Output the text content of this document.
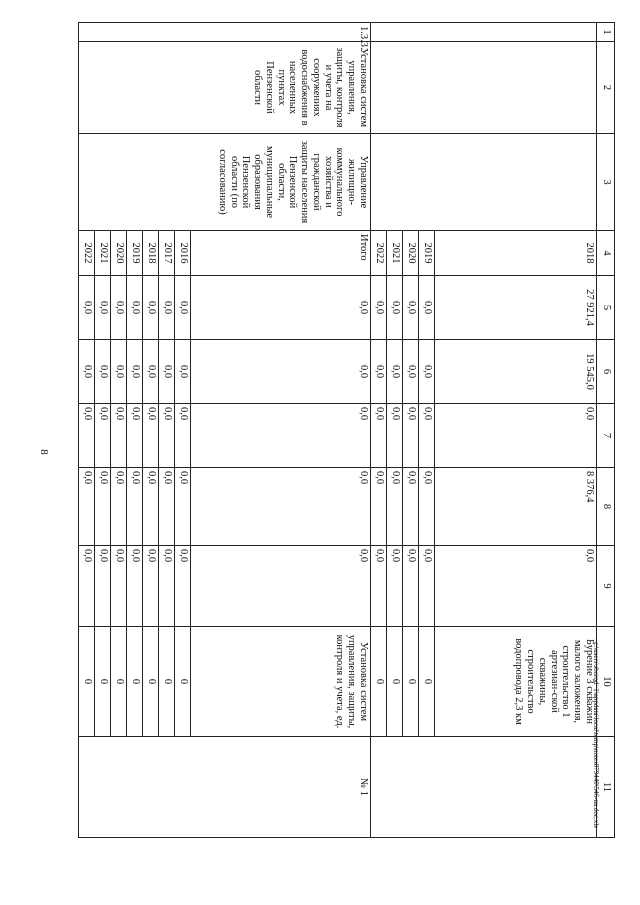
8
c:\users\sborod~1\appdata\local\temp\notes879440\546-ua.doc.xls
1	2	3	4	5	6	7	8	9	10	11
			2018	27 921,4	19 545,0	0,0	8 376,4	0,0	Бурение 3 скважин малого заложения, строительство 1 артезиан-ской скважины, строительство водопровода 2,3 км	
			2019	0,0	0,0	0,0	0,0	0,0	0	
			2020	0,0	0,0	0,0	0,0	0,0	0	
			2021	0,0	0,0	0,0	0,0	0,0	0	
			2022	0,0	0,0	0,0	0,0	0,0	0	
1.3.3.	Установка систем управления, защиты, контроля и учета на сооружениях водоснабжения в населенных пунктах Пензенской области	Управление жилищно-коммунального хозяйства и гражданской защиты населения Пензенской области, муниципальные образования Пензенской области (по согласованию)	Итого	0,0	0,0	0,0	0,0	0,0	Установка систем управления, защиты, контроля и учета, ед.	№ 1
			2016	0,0	0,0	0,0	0,0	0,0	0	
			2017	0,0	0,0	0,0	0,0	0,0	0	
			2018	0,0	0,0	0,0	0,0	0,0	0	
			2019	0,0	0,0	0,0	0,0	0,0	0	
			2020	0,0	0,0	0,0	0,0	0,0	0	
			2021	0,0	0,0	0,0	0,0	0,0	0	
			2022	0,0	0,0	0,0	0,0	0,0	0	
